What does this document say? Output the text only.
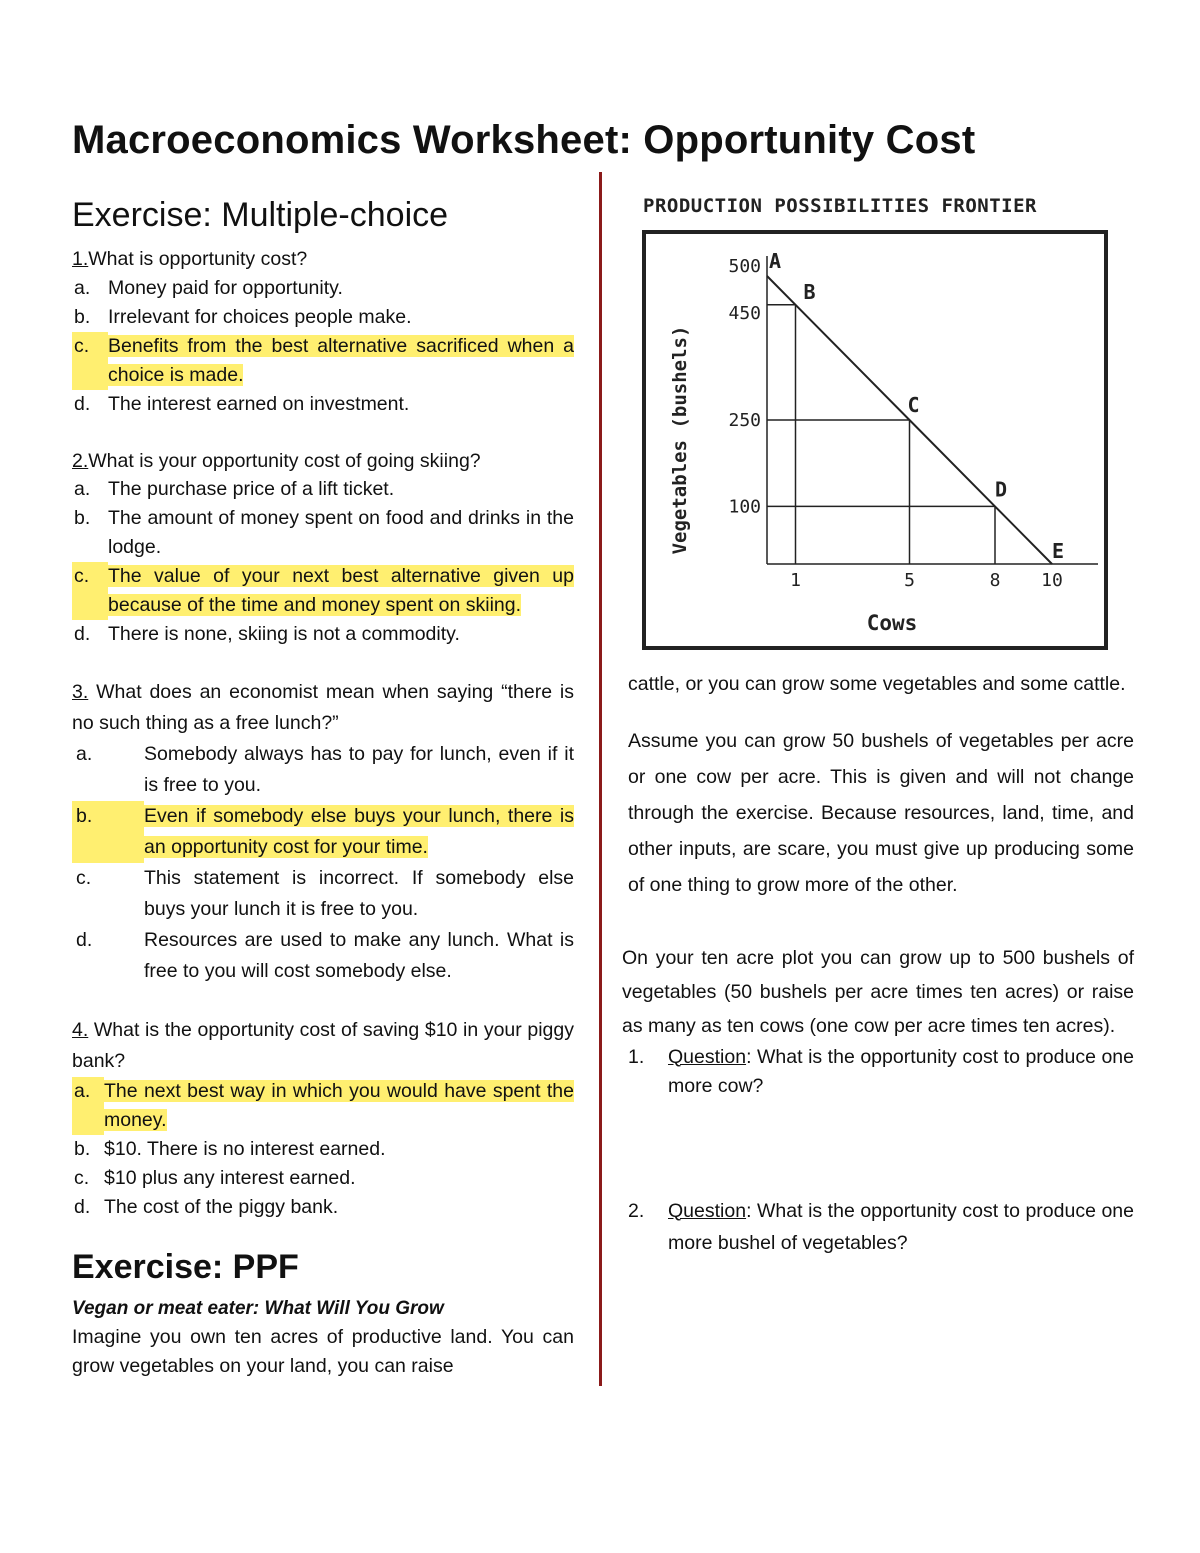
Macroeconomics Worksheet: Opportunity Cost
Exercise: Multiple-choice

1.What is opportunity cost?

a. Money paid for opportunity.
b. Irrelevant for choices people make.
c. Benefits from the best alternative sacrificed when a choice is made.
d. The interest earned on investment.

2.What is your opportunity cost of going skiing?

a. The purchase price of a lift ticket.
b. The amount of money spent on food and drinks in the lodge.
c. The value of your next best alternative given up because of the time and money spent on skiing.
d. There is none, skiing is not a commodity.

3. What does an economist mean when saying “there is no such thing as a free lunch?”

a.	Somebody always has to pay for lunch, even if it is free to you.
b.	Even if somebody else buys your lunch, there is an opportunity cost for your time.
c.	This statement is incorrect. If somebody else buys your lunch it is free to you.
d.	Resources are used to make any lunch. What is free to you will cost somebody else.

4. What is the opportunity cost of saving $10 in your piggy bank?

a. The next best way in which you would have spent the money.
b. $10. There is no interest earned.
c. $10 plus any interest earned.
d. The cost of the piggy bank.
Exercise: PPF

Vegan or meat eater: What Will You Grow

Imagine you own ten acres of productive land. You can grow vegetables on your land, you can raise

PRODUCTION POSSIBILITIES FRONTIER
A
B
C
D
E
500
450
250
100
1	5	8 10
Cows
Vegetables (bushels)

cattle, or you can grow some vegetables and some cattle.

Assume you can grow 50 bushels of vegetables per acre or one cow per acre. This is given and will not change through the exercise. Because resources, land, time, and other inputs, are scare, you must give up producing some of one thing to grow more of the other.

On your ten acre plot you can grow up to 500 bushels of vegetables (50 bushels per acre times ten acres) or raise as many as ten cows (one cow per acre times ten acres).

1.	Question: What is the opportunity cost to produce one more cow?
2.	Question: What is the opportunity cost to produce one more bushel of vegetables?
